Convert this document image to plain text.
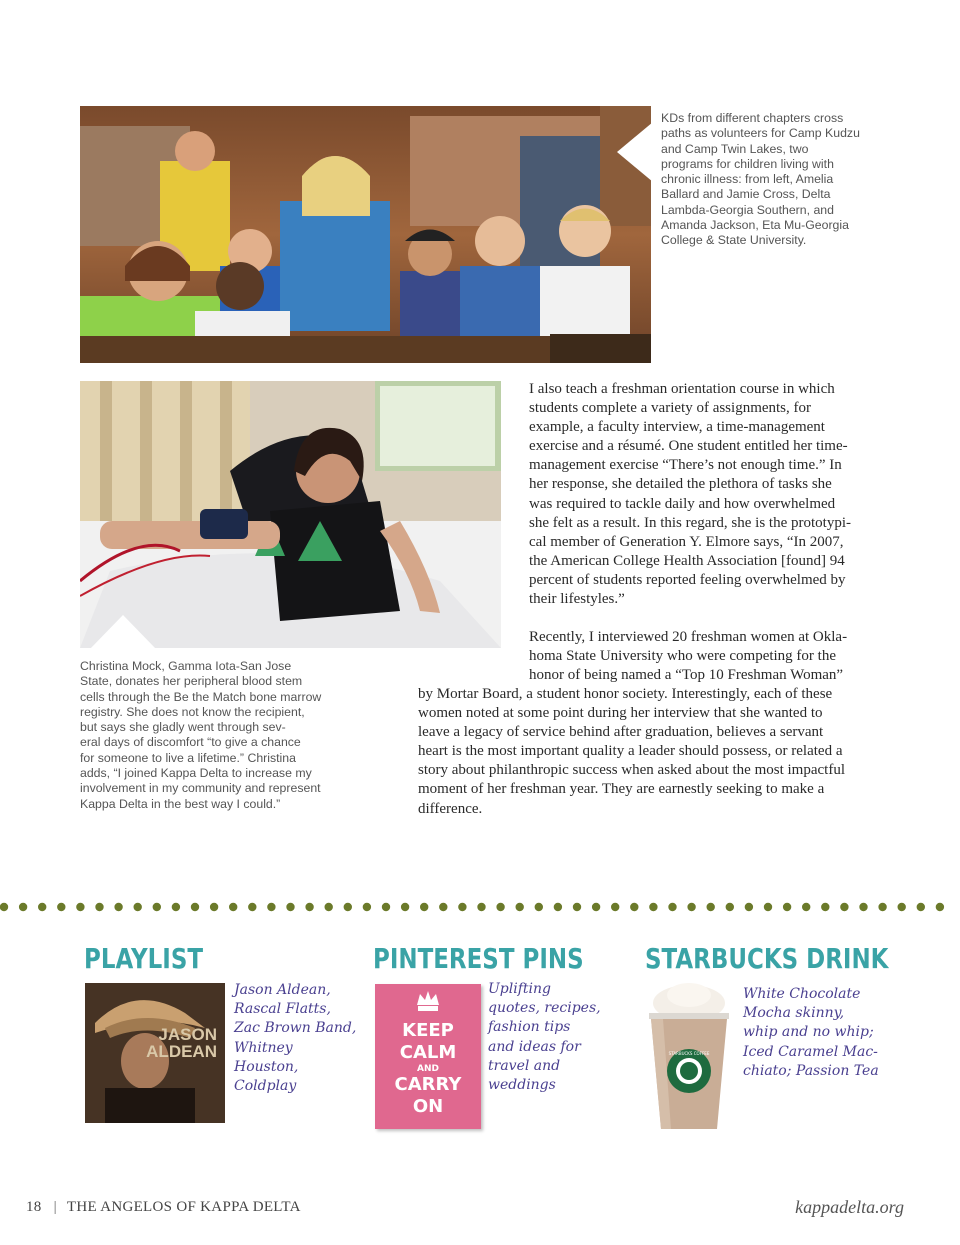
KDs from different chapters cross
paths as volunteers for Camp Kudzu
and Camp Twin Lakes, two
programs for children living with
chronic illness: from left, Amelia
Ballard and Jamie Cross, Delta
Lambda-Georgia Southern, and
Amanda Jackson, Eta Mu-Georgia
College & State University.
Christina Mock, Gamma Iota-San Jose
State, donates her peripheral blood stem
cells through the Be the Match bone marrow
registry. She does not know the recipient,
but says she gladly went through sev-
eral days of discomfort “to give a chance
for someone to live a lifetime.” Christina
adds, “I joined Kappa Delta to increase my
involvement in my community and represent
Kappa Delta in the best way I could.”
I also teach a freshman orientation course in which
students complete a variety of assignments, for
example, a faculty interview, a time-management
exercise and a résumé. One student entitled her time-
management exercise “There’s not enough time.” In
her response, she detailed the plethora of tasks she
was required to tackle daily and how overwhelmed
she felt as a result. In this regard, she is the prototypi-
cal member of Generation Y. Elmore says, “In 2007,
the American College Health Association [found] 94
percent of students reported feeling overwhelmed by
their lifestyles.”
Recently, I interviewed 20 freshman women at Okla-
homa State University who were competing for the
honor of being named a “Top 10 Freshman Woman”
by Mortar Board, a student honor society. Interestingly, each of these
women noted at some point during her interview that she wanted to
leave a legacy of service behind after graduation, believes a servant
heart is the most important quality a leader should possess, or related a
story about philanthropic success when asked about the most impactful
moment of her freshman year. They are earnestly seeking to make a
difference.
PLAYLIST
JASON
ALDEAN
Jason Aldean,
Rascal Flatts,
Zac Brown Band,
Whitney
Houston,
Coldplay
PINTEREST PINS
KEEP
CALM
AND
CARRY
ON
Uplifting
quotes, recipes,
fashion tips
and ideas for
travel and
weddings
STARBUCKS DRINK
STARBUCKS COFFEE
White Chocolate
Mocha skinny,
whip and no whip;
Iced Caramel Mac-
chiato; Passion Tea
18 | THE ANGELOS OF KAPPA DELTA	kappadelta.org
